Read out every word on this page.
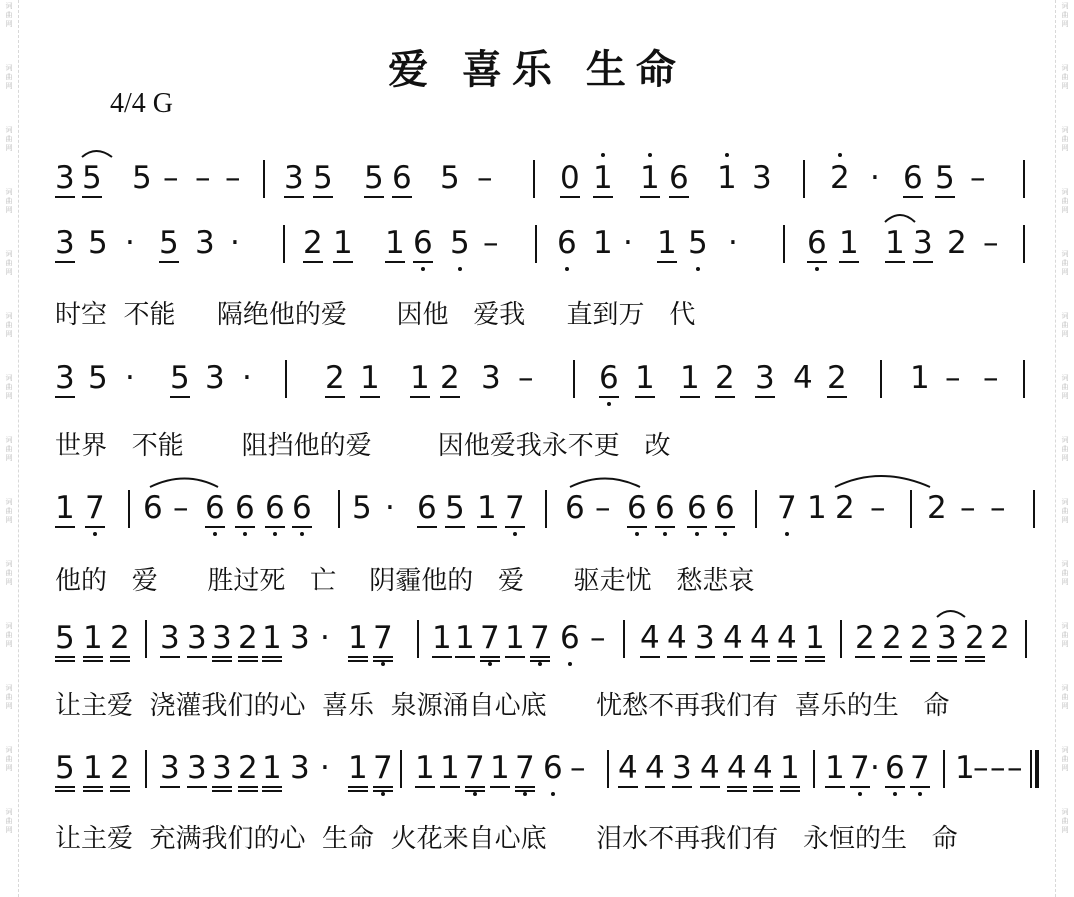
词
曲
网
词
曲
网
词
曲
网
词
曲
网
词
曲
网
词
曲
网
词
曲
网
词
曲
网
词
曲
网
词
曲
网
词
曲
网
词
曲
网
词
曲
网
词
曲
网
词
曲
网
词
曲
网
词
曲
网
词
曲
网
词
曲
网
词
曲
网
词
曲
网
词
曲
网
词
曲
网
词
曲
网
词
曲
网
词
曲
网
词
曲
网
词
曲
网
爱 喜乐 生命
4/4 G
3 5 5 – – – 3 5 5 6 5 – 0 1 1 6 1 3 2 · 6 5 –
3 5 · 5 3 · 2 1 1 6 5 – 6 1 · 1 5 · 6 1 1 3 2 –
3 5 · 5 3 · 2 1 1 2 3 – 6 1 1 2 3 4 2 1 – –
1 7 6 – 6 6 6 6 5 · 6 5 1 7 6 – 6 6 6 6 7 1 2 – 2 – –
5 1 2 3 3 3 2 1 3 · 1 7 1 1 7 1 7 6 – 4 4 3 4 4 4 1 2 2 2 3 2 2
5 1 2 3 3 3 2 1 3 · 1 7 1 1 7 1 7 6 – 4 4 3 4 4 4 1 1 7 · 6 7 1
– – –
时空  不能     隔绝他的爱      因他   爱我     直到万   代
世界   不能       阻挡他的爱        因他爱我永不更   改
他的   爱      胜过死   亡    阴霾他的   爱      驱走忧   愁悲哀
让主爱  浇灌我们的心  喜乐  泉源涌自心底      忧愁不再我们有  喜乐的生   命
让主爱  充满我们的心  生命  火花来自心底      泪水不再我们有   永恒的生   命
